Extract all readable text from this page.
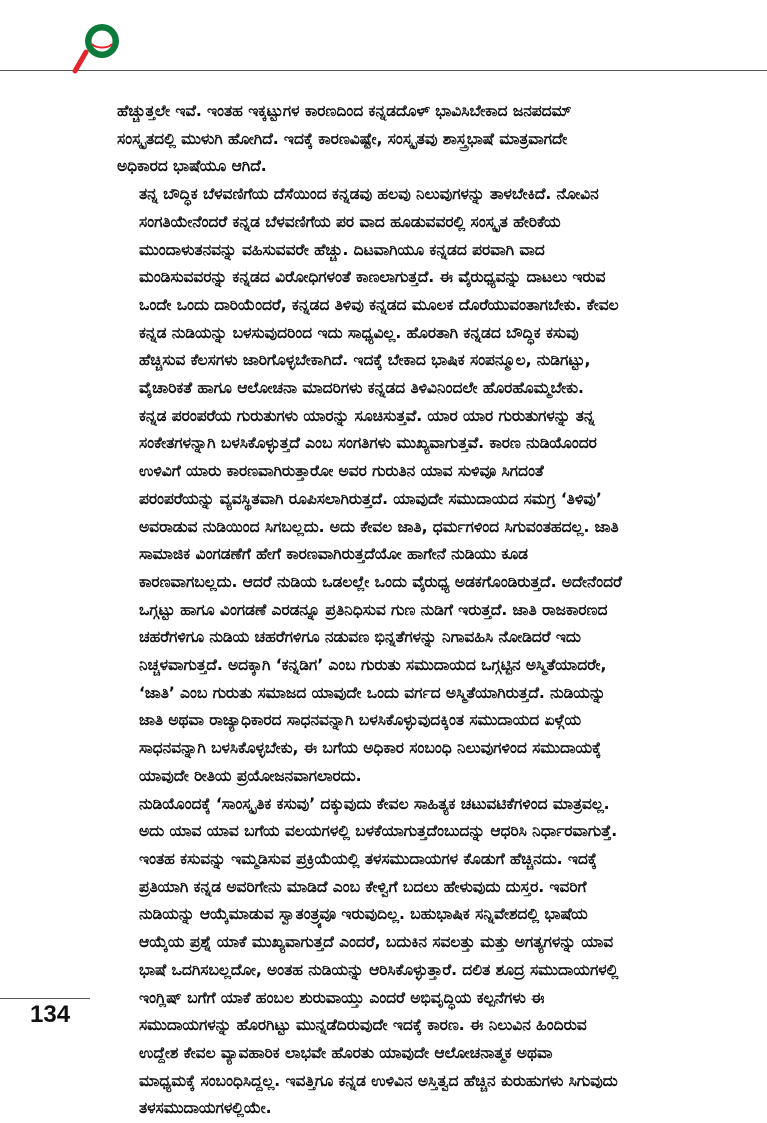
ಹೆಚ್ಚುತ್ತಲೇ ಇವೆ. ಇಂತಹ ಇಕ್ಕಟ್ಟುಗಳ ಕಾರಣದಿಂದ ಕನ್ನಡದೊಳ್ ಭಾವಿಸಿಬೇಕಾದ ಜನಪದಮ್
ಸಂಸ್ಕೃತದಲ್ಲಿ ಮುಳುಗಿ ಹೋಗಿದೆ. ಇದಕ್ಕೆ ಕಾರಣವಿಷ್ಟೇ, ಸಂಸ್ಕೃತವು ಶಾಸ್ತ್ರಭಾಷೆ ಮಾತ್ರವಾಗದೇ
ಅಧಿಕಾರದ ಭಾಷೆಯೂ ಆಗಿದೆ.

ತನ್ನ ಬೌದ್ಧಿಕ ಬೆಳವಣಿಗೆಯ ದೆಸೆಯಿಂದ ಕನ್ನಡವು ಹಲವು ನಿಲುವುಗಳನ್ನು ತಾಳಬೇಕಿದೆ. ನೋವಿನ
ಸಂಗತಿಯೇನೆಂದರೆ ಕನ್ನಡ ಬೆಳವಣಿಗೆಯ ಪರ ವಾದ ಹೂಡುವವರಲ್ಲಿ ಸಂಸ್ಕೃತ ಹೇರಿಕೆಯ
ಮುಂದಾಳುತನವನ್ನು ವಹಿಸುವವರೇ ಹೆಚ್ಚು. ದಿಟವಾಗಿಯೂ ಕನ್ನಡದ ಪರವಾಗಿ ವಾದ
ಮಂಡಿಸುವವರನ್ನು ಕನ್ನಡದ ವಿರೋಧಿಗಳಂತೆ ಕಾಣಲಾಗುತ್ತದೆ. ಈ ವೈರುಧ್ಯವನ್ನು ದಾಟಲು ಇರುವ
ಒಂದೇ ಒಂದು ದಾರಿಯೆಂದರೆ, ಕನ್ನಡದ ತಿಳಿವು ಕನ್ನಡದ ಮೂಲಕ ದೊರೆಯುವಂತಾಗಬೇಕು. ಕೇವಲ
ಕನ್ನಡ ನುಡಿಯನ್ನು ಬಳಸುವುದರಿಂದ ಇದು ಸಾಧ್ಯವಿಲ್ಲ. ಹೊರತಾಗಿ ಕನ್ನಡದ ಬೌದ್ಧಿಕ ಕಸುವು
ಹೆಚ್ಚಿಸುವ ಕೆಲಸಗಳು ಜಾರಿಗೊಳ್ಳಬೇಕಾಗಿದೆ. ಇದಕ್ಕೆ ಬೇಕಾದ ಭಾಷಿಕ ಸಂಪನ್ಮೂಲ, ನುಡಿಗಟ್ಟು,
ವೈಚಾರಿಕತೆ ಹಾಗೂ ಆಲೋಚನಾ ಮಾದರಿಗಳು ಕನ್ನಡದ ತಿಳಿವಿನಿಂದಲೇ ಹೊರಹೊಮ್ಮಬೇಕು.

ಕನ್ನಡ ಪರಂಪರೆಯ ಗುರುತುಗಳು ಯಾರನ್ನು ಸೂಚಿಸುತ್ತವೆ. ಯಾರ ಯಾರ ಗುರುತುಗಳನ್ನು ತನ್ನ
ಸಂಕೇತಗಳನ್ನಾಗಿ ಬಳಸಿಕೊಳ್ಳುತ್ತದೆ ಎಂಬ ಸಂಗತಿಗಳು ಮುಖ್ಯವಾಗುತ್ತವೆ. ಕಾರಣ ನುಡಿಯೊಂದರ
ಉಳಿವಿಗೆ ಯಾರು ಕಾರಣವಾಗಿರುತ್ತಾರೋ ಅವರ ಗುರುತಿನ ಯಾವ ಸುಳಿವೂ ಸಿಗದಂತೆ
ಪರಂಪರೆಯನ್ನು ವ್ಯವಸ್ಥಿತವಾಗಿ ರೂಪಿಸಲಾಗಿರುತ್ತದೆ. ಯಾವುದೇ ಸಮುದಾಯದ ಸಮಗ್ರ ‘ತಿಳಿವು’
ಅವರಾಡುವ ನುಡಿಯಿಂದ ಸಿಗಬಲ್ಲದು. ಅದು ಕೇವಲ ಜಾತಿ, ಧರ್ಮಗಳಿಂದ ಸಿಗುವಂತಹದಲ್ಲ. ಜಾತಿ
ಸಾಮಾಜಿಕ ವಿಂಗಡಣೆಗೆ ಹೇಗೆ ಕಾರಣವಾಗಿರುತ್ತದೆಯೋ ಹಾಗೇನೆ ನುಡಿಯು ಕೂಡ
ಕಾರಣವಾಗಬಲ್ಲದು. ಆದರೆ ನುಡಿಯ ಒಡಲಲ್ಲೇ ಒಂದು ವೈರುಧ್ಯ ಅಡಕಗೊಂಡಿರುತ್ತದೆ. ಅದೇನೆಂದರೆ
ಒಗ್ಗಟ್ಟು ಹಾಗೂ ವಿಂಗಡಣೆ ಎರಡನ್ನೂ ಪ್ರತಿನಿಧಿಸುವ ಗುಣ ನುಡಿಗೆ ಇರುತ್ತದೆ. ಜಾತಿ ರಾಜಕಾರಣದ
ಚಹರೆಗಳಿಗೂ ನುಡಿಯ ಚಹರೆಗಳಿಗೂ ನಡುವಣ ಭಿನ್ನತೆಗಳನ್ನು ನಿಗಾವಹಿಸಿ ನೋಡಿದರೆ ಇದು
ನಿಚ್ಚಳವಾಗುತ್ತದೆ. ಅದಕ್ಕಾಗಿ ‘ಕನ್ನಡಿಗ’ ಎಂಬ ಗುರುತು ಸಮುದಾಯದ ಒಗ್ಗಟ್ಟಿನ ಅಸ್ಮಿತೆಯಾದರೇ,
‘ಜಾತಿ’ ಎಂಬ ಗುರುತು ಸಮಾಜದ ಯಾವುದೇ ಒಂದು ವರ್ಗದ ಅಸ್ಮಿತೆಯಾಗಿರುತ್ತದೆ. ನುಡಿಯನ್ನು
ಜಾತಿ ಅಥವಾ ರಾಜ್ಯಾಧಿಕಾರದ ಸಾಧನವನ್ನಾಗಿ ಬಳಸಿಕೊಳ್ಳುವುದಕ್ಕಿಂತ ಸಮುದಾಯದ ಏಳ್ಗೆಯ
ಸಾಧನವನ್ನಾಗಿ ಬಳಸಿಕೊಳ್ಳಬೇಕು, ಈ ಬಗೆಯ ಅಧಿಕಾರ ಸಂಬಂಧಿ ನಿಲುವುಗಳಿಂದ ಸಮುದಾಯಕ್ಕೆ
ಯಾವುದೇ ರೀತಿಯ ಪ್ರಯೋಜನವಾಗಲಾರದು.

ನುಡಿಯೊಂದಕ್ಕೆ ‘ಸಾಂಸ್ಕೃತಿಕ ಕಸುವು’ ದಕ್ಕುವುದು ಕೇವಲ ಸಾಹಿತ್ಯಕ ಚಟುವಟಿಕೆಗಳಿಂದ ಮಾತ್ರವಲ್ಲ.
ಅದು ಯಾವ ಯಾವ ಬಗೆಯ ವಲಯಗಳಲ್ಲಿ ಬಳಕೆಯಾಗುತ್ತದೆಂಬುದನ್ನು ಆಧರಿಸಿ ನಿರ್ಧಾರವಾಗುತ್ತೆ.
ಇಂತಹ ಕಸುವನ್ನು ಇಮ್ಮಡಿಸುವ ಪ್ರಕ್ರಿಯೆಯಲ್ಲಿ ತಳಸಮುದಾಯಗಳ ಕೊಡುಗೆ ಹೆಚ್ಚಿನದು. ಇದಕ್ಕೆ
ಪ್ರತಿಯಾಗಿ ಕನ್ನಡ ಅವರಿಗೇನು ಮಾಡಿದೆ ಎಂಬ ಕೇಳ್ವಿಗೆ ಬದಲು ಹೇಳುವುದು ದುಸ್ತರ. ಇವರಿಗೆ
ನುಡಿಯನ್ನು ಆಯ್ಕೆಮಾಡುವ ಸ್ವಾತಂತ್ರ್ಯವೂ ಇರುವುದಿಲ್ಲ. ಬಹುಭಾಷಿಕ ಸನ್ನಿವೇಶದಲ್ಲಿ ಭಾಷೆಯ
ಆಯ್ಕೆಯ ಪ್ರಶ್ನೆ ಯಾಕೆ ಮುಖ್ಯವಾಗುತ್ತದೆ ಎಂದರೆ, ಬದುಕಿನ ಸವಲತ್ತು ಮತ್ತು ಅಗತ್ಯಗಳನ್ನು ಯಾವ
ಭಾಷೆ ಒದಗಿಸಬಲ್ಲದೋ, ಅಂತಹ ನುಡಿಯನ್ನು ಆರಿಸಿಕೊಳ್ಳುತ್ತಾರೆ. ದಲಿತ ಶೂದ್ರ ಸಮುದಾಯಗಳಲ್ಲಿ
ಇಂಗ್ಲಿಷ್ ಬಗೆಗೆ ಯಾಕೆ ಹಂಬಲ ಶುರುವಾಯ್ತು ಎಂದರೆ ಅಭಿವೃದ್ಧಿಯ ಕಲ್ಪನೆಗಳು ಈ
ಸಮುದಾಯಗಳನ್ನು ಹೊರಗಿಟ್ಟು ಮುನ್ನಡೆದಿರುವುದೇ ಇದಕ್ಕೆ ಕಾರಣ. ಈ ನಿಲುವಿನ ಹಿಂದಿರುವ
ಉದ್ದೇಶ ಕೇವಲ ವ್ಯಾವಹಾರಿಕ ಲಾಭವೇ ಹೊರತು ಯಾವುದೇ ಆಲೋಚನಾತ್ಮಕ ಅಥವಾ
ಮಾಧ್ಯಮಕ್ಕೆ ಸಂಬಂಧಿಸಿದ್ದಲ್ಲ. ಇವತ್ತಿಗೂ ಕನ್ನಡ ಉಳಿವಿನ ಅಸ್ತಿತ್ವದ ಹೆಚ್ಚಿನ ಕುರುಹುಗಳು ಸಿಗುವುದು
ತಳಸಮುದಾಯಗಳಲ್ಲಿಯೇ.

134
